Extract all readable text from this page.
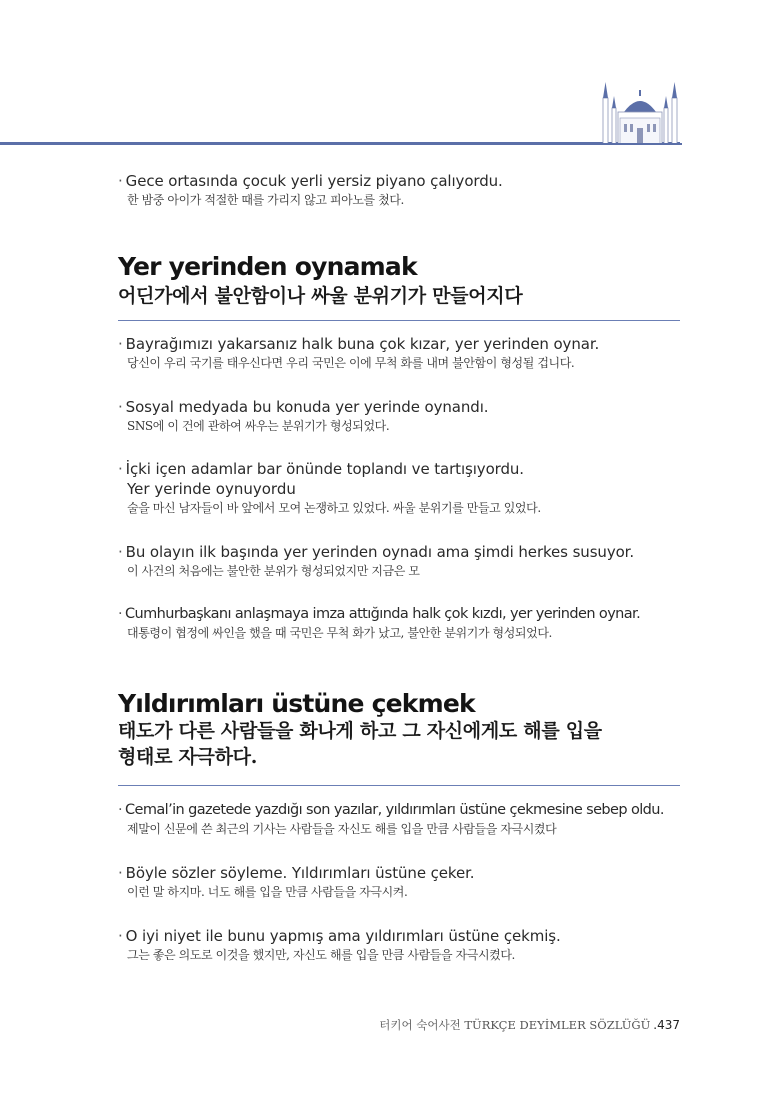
· Gece ortasında çocuk yerli yersiz piyano çalıyordu.
한 밤중 아이가 적절한 때를 가리지 않고 피아노를 쳤다.
Yer yerinden oynamak
어딘가에서 불안함이나 싸울 분위기가 만들어지다
· Bayrağımızı yakarsanız halk buna çok kızar, yer yerinden oynar.
당신이 우리 국기를 태우신다면 우리 국민은 이에 무척 화를 내며 불안함이 형성될 겁니다.
· Sosyal medyada bu konuda yer yerinde oynandı.
SNS에 이 건에 관하여 싸우는 분위기가 형성되었다.
· İçki içen adamlar bar önünde toplandı ve tartışıyordu.
Yer yerinde oynuyordu
술을 마신 남자들이 바 앞에서 모여 논쟁하고 있었다. 싸울 분위기를 만들고 있었다.
· Bu olayın ilk başında yer yerinden oynadı ama şimdi herkes susuyor.
이 사건의 처음에는 불안한 분위가 형성되었지만 지금은 모
· Cumhurbaşkanı anlaşmaya imza attığında halk çok kızdı, yer yerinden oynar.
대통령이 협정에 싸인을 했을 때 국민은 무척 화가 났고, 불안한 분위기가 형성되었다.
Yıldırımları üstüne çekmek
태도가 다른 사람들을 화나게 하고 그 자신에게도 해를 입을
형태로 자극하다.
· Cemal’in gazetede yazdığı son yazılar, yıldırımları üstüne çekmesine sebep oldu.
제말이 신문에 쓴 최근의 기사는 사람들을 자신도 해를 입을 만큼 사람들을 자극시켰다
· Böyle sözler söyleme. Yıldırımları üstüne çeker.
이런 말 하지마. 너도 해를 입을 만큼 사람들을 자극시켜.
· O iyi niyet ile bunu yapmış ama yıldırımları üstüne çekmiş.
그는 좋은 의도로 이것을 했지만, 자신도 해를 입을 만큼 사람들을 자극시켰다.
터키어 숙어사전 TÜRKÇE DEYİMLER SÖZLÜĞÜ .437
